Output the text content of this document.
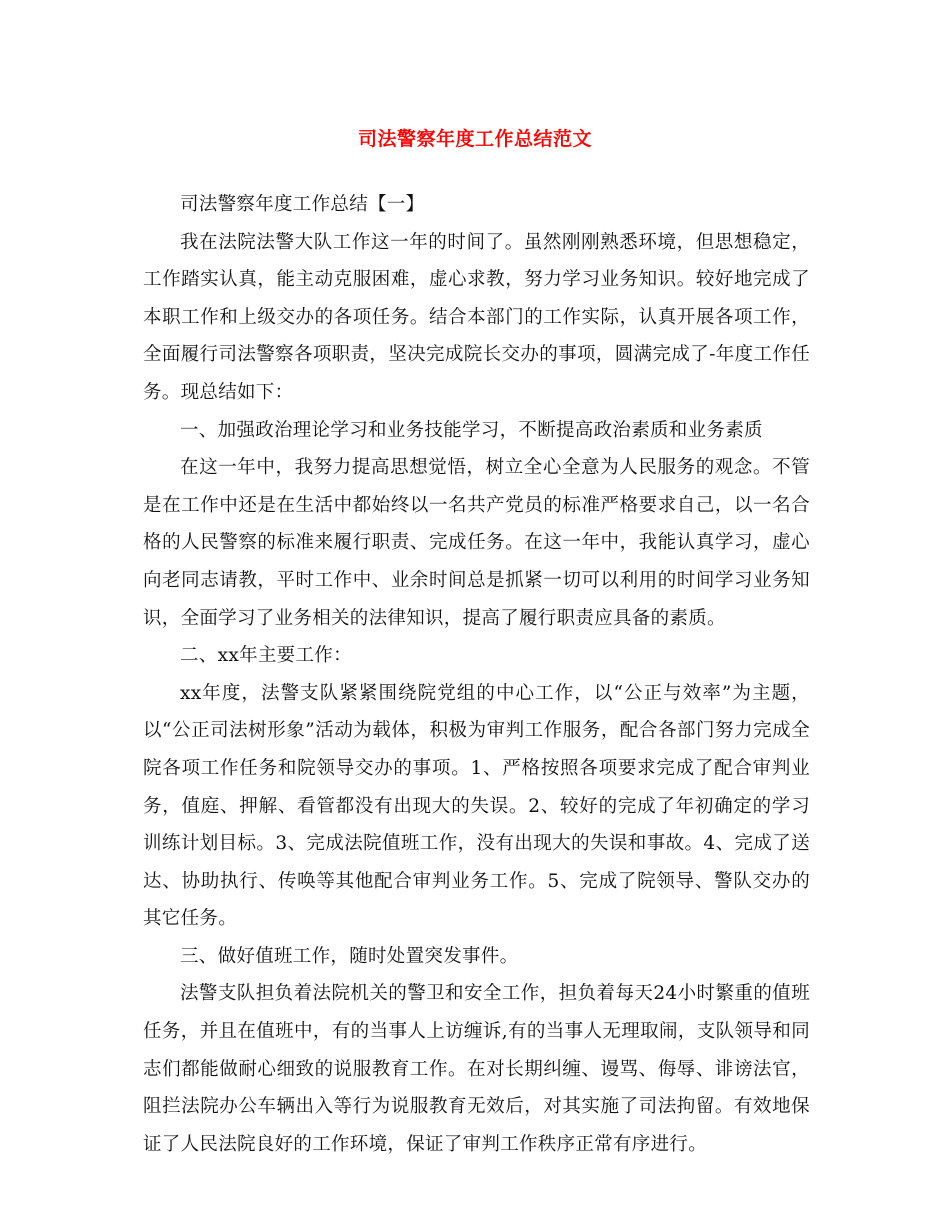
司法警察年度工作总结范文

司法警察年度工作总结【一】

我在法院法警大队工作这一年的时间了。虽然刚刚熟悉环境，但思想稳定，工作踏实认真，能主动克服困难，虚心求教，努力学习业务知识。较好地完成了本职工作和上级交办的各项任务。结合本部门的工作实际，认真开展各项工作，全面履行司法警察各项职责，坚决完成院长交办的事项，圆满完成了-年度工作任务。现总结如下：

一、加强政治理论学习和业务技能学习，不断提高政治素质和业务素质

在这一年中，我努力提高思想觉悟，树立全心全意为人民服务的观念。不管是在工作中还是在生活中都始终以一名共产党员的标准严格要求自己，以一名合格的人民警察的标准来履行职责、完成任务。在这一年中，我能认真学习，虚心向老同志请教，平时工作中、业余时间总是抓紧一切可以利用的时间学习业务知识，全面学习了业务相关的法律知识，提高了履行职责应具备的素质。

二、xx年主要工作：

xx年度，法警支队紧紧围绕院党组的中心工作，以“公正与效率”为主题，以“公正司法树形象”活动为载体，积极为审判工作服务，配合各部门努力完成全院各项工作任务和院领导交办的事项。1、严格按照各项要求完成了配合审判业务，值庭、押解、看管都没有出现大的失误。2、较好的完成了年初确定的学习训练计划目标。3、完成法院值班工作，没有出现大的失误和事故。4、完成了送达、协助执行、传唤等其他配合审判业务工作。5、完成了院领导、警队交办的其它任务。

三、做好值班工作，随时处置突发事件。

法警支队担负着法院机关的警卫和安全工作，担负着每天24小时繁重的值班任务，并且在值班中，有的当事人上访缠诉,有的当事人无理取闹，支队领导和同志们都能做耐心细致的说服教育工作。在对长期纠缠、谩骂、侮辱、诽谤法官，阻拦法院办公车辆出入等行为说服教育无效后，对其实施了司法拘留。有效地保证了人民法院良好的工作环境，保证了审判工作秩序正常有序进行。
